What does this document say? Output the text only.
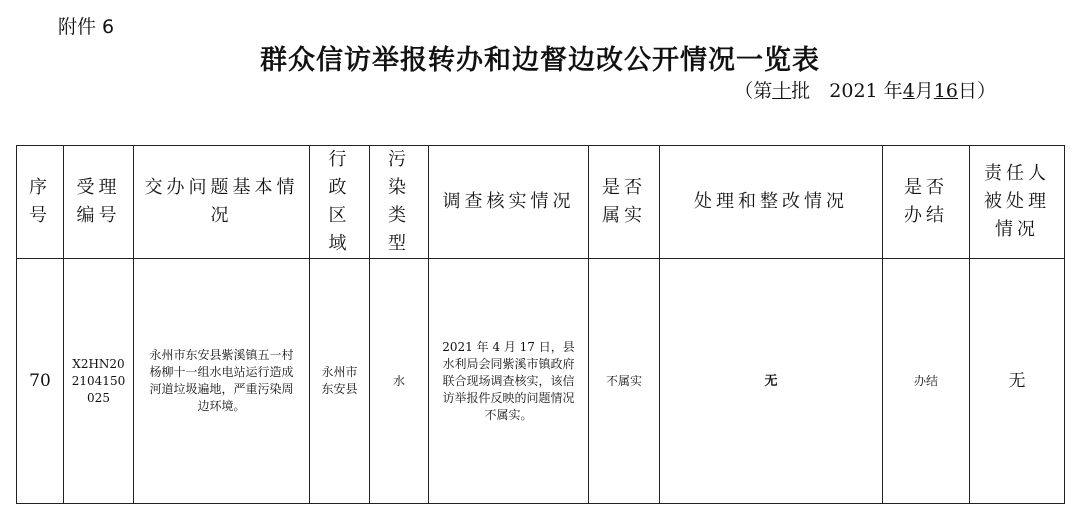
附件 6
群众信访举报转办和边督边改公开情况一览表
（第十批　2021 年4月16日）
序号	受理编号	交办问题基本情况	行政区域	污染类型	调查核实情况	是否属实	处理和整改情况	是否办结	责任人被处理情况
70	X2HN202104150025	永州市东安县紫溪镇五一村杨柳十一组水电站运行造成河道垃圾遍地，严重污染周边环境。	永州市东安县	水	2021 年 4 月 17 日，县水利局会同紫溪市镇政府联合现场调查核实，该信访举报件反映的问题情况不属实。	不属实	无	办结	无
